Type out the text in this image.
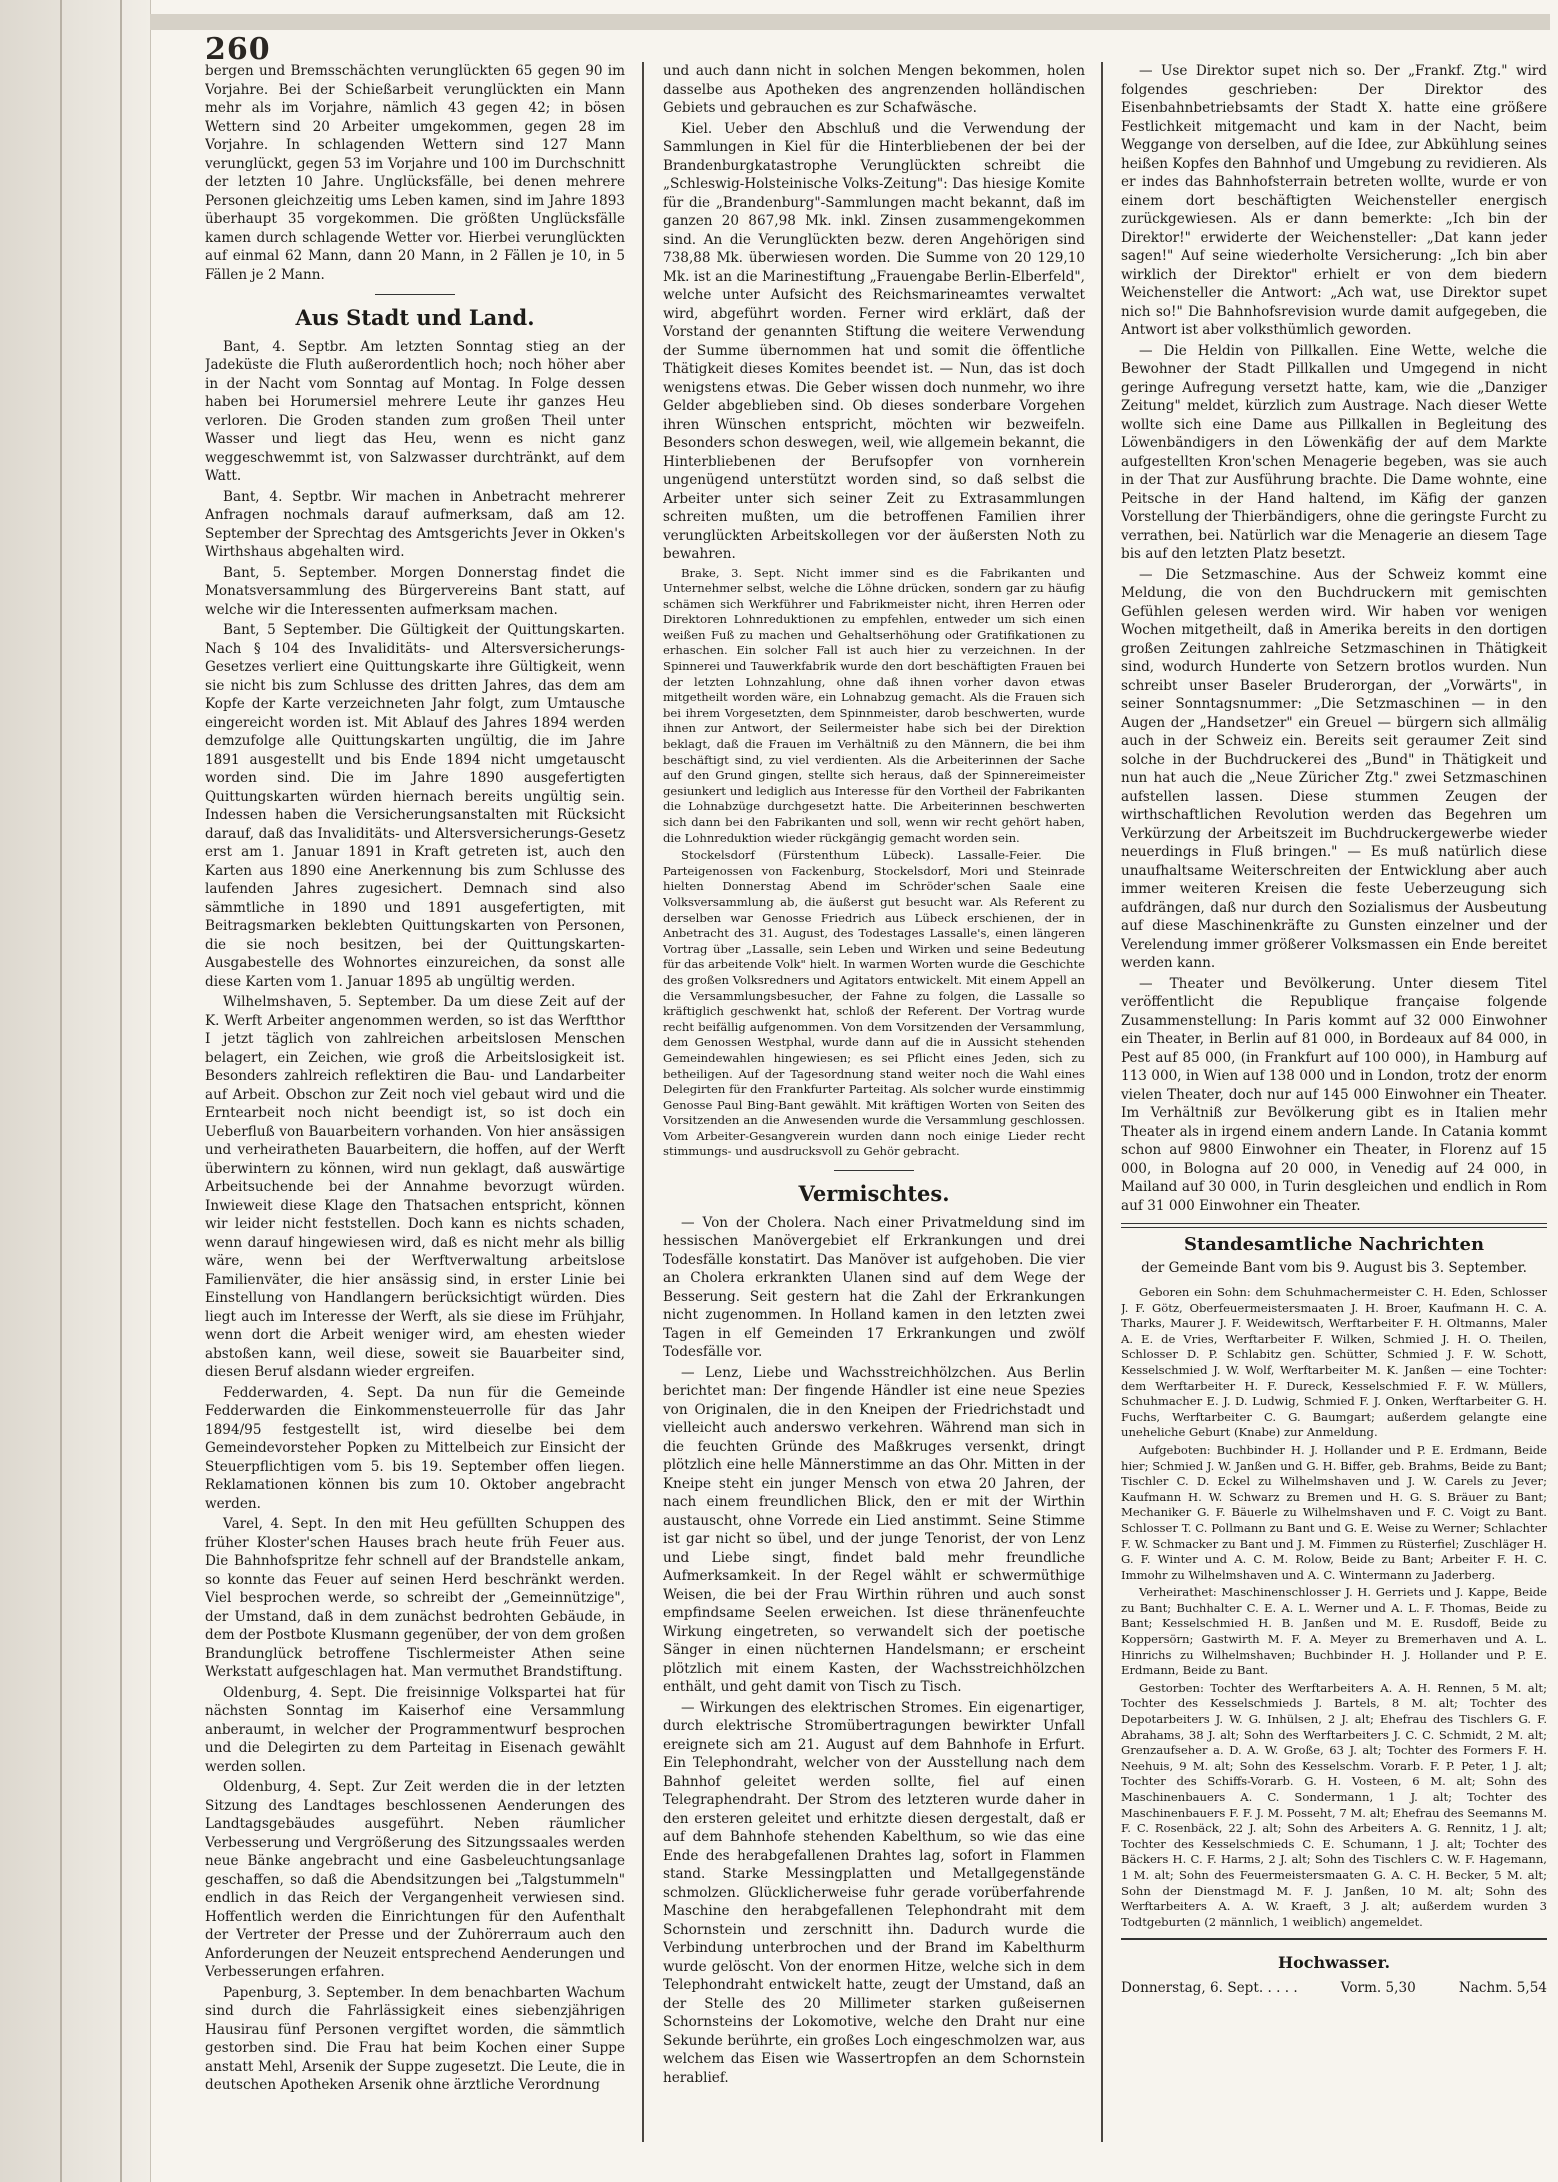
260

bergen und Bremsschächten verunglückten 65 gegen 90 im Vorjahre. Bei der Schießarbeit verunglückten ein Mann mehr als im Vorjahre, nämlich 43 gegen 42; in bösen Wettern sind 20 Arbeiter umgekommen, gegen 28 im Vorjahre. In schlagenden Wettern sind 127 Mann verunglückt, gegen 53 im Vorjahre und 100 im Durchschnitt der letzten 10 Jahre. Unglücksfälle, bei denen mehrere Personen gleichzeitig ums Leben kamen, sind im Jahre 1893 überhaupt 35 vorgekommen. Die größten Unglücksfälle kamen durch schlagende Wetter vor. Hierbei verunglückten auf einmal 62 Mann, dann 20 Mann, in 2 Fällen je 10, in 5 Fällen je 2 Mann.

Aus Stadt und Land.

Bant, 4. Septbr. Am letzten Sonntag stieg an der Jadeküste die Fluth außerordentlich hoch; noch höher aber in der Nacht vom Sonntag auf Montag. In Folge dessen haben bei Horumersiel mehrere Leute ihr ganzes Heu verloren. Die Groden standen zum großen Theil unter Wasser und liegt das Heu, wenn es nicht ganz weggeschwemmt ist, von Salzwasser durchtränkt, auf dem Watt.

Bant, 4. Septbr. Wir machen in Anbetracht mehrerer Anfragen nochmals darauf aufmerksam, daß am 12. September der Sprechtag des Amtsgerichts Jever in Okken's Wirthshaus abgehalten wird.

Bant, 5. September. Morgen Donnerstag findet die Monatsversammlung des Bürgervereins Bant statt, auf welche wir die Interessenten aufmerksam machen.

Bant, 5 September. Die Gültigkeit der Quittungskarten. Nach § 104 des Invaliditäts- und Altersversicherungs-Gesetzes verliert eine Quittungskarte ihre Gültigkeit, wenn sie nicht bis zum Schlusse des dritten Jahres, das dem am Kopfe der Karte verzeichneten Jahr folgt, zum Umtausche eingereicht worden ist. Mit Ablauf des Jahres 1894 werden demzufolge alle Quittungskarten ungültig, die im Jahre 1891 ausgestellt und bis Ende 1894 nicht umgetauscht worden sind. Die im Jahre 1890 ausgefertigten Quittungskarten würden hiernach bereits ungültig sein. Indessen haben die Versicherungsanstalten mit Rücksicht darauf, daß das Invaliditäts- und Altersversicherungs-Gesetz erst am 1. Januar 1891 in Kraft getreten ist, auch den Karten aus 1890 eine Anerkennung bis zum Schlusse des laufenden Jahres zugesichert. Demnach sind also sämmtliche in 1890 und 1891 ausgefertigten, mit Beitragsmarken beklebten Quittungskarten von Personen, die sie noch besitzen, bei der Quittungskarten-Ausgabestelle des Wohnortes einzureichen, da sonst alle diese Karten vom 1. Januar 1895 ab ungültig werden.

Wilhelmshaven, 5. September. Da um diese Zeit auf der K. Werft Arbeiter angenommen werden, so ist das Werftthor I jetzt täglich von zahlreichen arbeitslosen Menschen belagert, ein Zeichen, wie groß die Arbeitslosigkeit ist. Besonders zahlreich reflektiren die Bau- und Landarbeiter auf Arbeit. Obschon zur Zeit noch viel gebaut wird und die Erntearbeit noch nicht beendigt ist, so ist doch ein Ueberfluß von Bauarbeitern vorhanden. Von hier ansässigen und verheiratheten Bauarbeitern, die hoffen, auf der Werft überwintern zu können, wird nun geklagt, daß auswärtige Arbeitsuchende bei der Annahme bevorzugt würden. Inwieweit diese Klage den Thatsachen entspricht, können wir leider nicht feststellen. Doch kann es nichts schaden, wenn darauf hingewiesen wird, daß es nicht mehr als billig wäre, wenn bei der Werftverwaltung arbeitslose Familienväter, die hier ansässig sind, in erster Linie bei Einstellung von Handlangern berücksichtigt würden. Dies liegt auch im Interesse der Werft, als sie diese im Frühjahr, wenn dort die Arbeit weniger wird, am ehesten wieder abstoßen kann, weil diese, soweit sie Bauarbeiter sind, diesen Beruf alsdann wieder ergreifen.

Fedderwarden, 4. Sept. Da nun für die Gemeinde Fedderwarden die Einkommensteuerrolle für das Jahr 1894/95 festgestellt ist, wird dieselbe bei dem Gemeindevorsteher Popken zu Mittelbeich zur Einsicht der Steuerpflichtigen vom 5. bis 19. September offen liegen. Reklamationen können bis zum 10. Oktober angebracht werden.

Varel, 4. Sept. In den mit Heu gefüllten Schuppen des früher Kloster'schen Hauses brach heute früh Feuer aus. Die Bahnhofspritze fehr schnell auf der Brandstelle ankam, so konnte das Feuer auf seinen Herd beschränkt werden. Viel besprochen werde, so schreibt der „Gemeinnützige", der Umstand, daß in dem zunächst bedrohten Gebäude, in dem der Postbote Klusmann gegenüber, der von dem großen Brandunglück betroffene Tischlermeister Athen seine Werkstatt aufgeschlagen hat. Man vermuthet Brandstiftung.

Oldenburg, 4. Sept. Die freisinnige Volkspartei hat für nächsten Sonntag im Kaiserhof eine Versammlung anberaumt, in welcher der Programmentwurf besprochen und die Delegirten zu dem Parteitag in Eisenach gewählt werden sollen.

Oldenburg, 4. Sept. Zur Zeit werden die in der letzten Sitzung des Landtages beschlossenen Aenderungen des Landtagsgebäudes ausgeführt. Neben räumlicher Verbesserung und Vergrößerung des Sitzungssaales werden neue Bänke angebracht und eine Gasbeleuchtungsanlage geschaffen, so daß die Abendsitzungen bei „Talgstummeln" endlich in das Reich der Vergangenheit verwiesen sind. Hoffentlich werden die Einrichtungen für den Aufenthalt der Vertreter der Presse und der Zuhörerraum auch den Anforderungen der Neuzeit entsprechend Aenderungen und Verbesserungen erfahren.

Papenburg, 3. September. In dem benachbarten Wachum sind durch die Fahrlässigkeit eines siebenzjährigen Hausirau fünf Personen vergiftet worden, die sämmtlich gestorben sind. Die Frau hat beim Kochen einer Suppe anstatt Mehl, Arsenik der Suppe zugesetzt. Die Leute, die in deutschen Apotheken Arsenik ohne ärztliche Verordnung

und auch dann nicht in solchen Mengen bekommen, holen dasselbe aus Apotheken des angrenzenden holländischen Gebiets und gebrauchen es zur Schafwäsche.

Kiel. Ueber den Abschluß und die Verwendung der Sammlungen in Kiel für die Hinterbliebenen der bei der Brandenburgkatastrophe Verunglückten schreibt die „Schleswig-Holsteinische Volks-Zeitung": Das hiesige Komite für die „Brandenburg"-Sammlungen macht bekannt, daß im ganzen 20 867,98 Mk. inkl. Zinsen zusammengekommen sind. An die Verunglückten bezw. deren Angehörigen sind 738,88 Mk. überwiesen worden. Die Summe von 20 129,10 Mk. ist an die Marinestiftung „Frauengabe Berlin-Elberfeld", welche unter Aufsicht des Reichsmarineamtes verwaltet wird, abgeführt worden. Ferner wird erklärt, daß der Vorstand der genannten Stiftung die weitere Verwendung der Summe übernommen hat und somit die öffentliche Thätigkeit dieses Komites beendet ist. — Nun, das ist doch wenigstens etwas. Die Geber wissen doch nunmehr, wo ihre Gelder abgeblieben sind. Ob dieses sonderbare Vorgehen ihren Wünschen entspricht, möchten wir bezweifeln. Besonders schon deswegen, weil, wie allgemein bekannt, die Hinterbliebenen der Berufsopfer von vornherein ungenügend unterstützt worden sind, so daß selbst die Arbeiter unter sich seiner Zeit zu Extrasammlungen schreiten mußten, um die betroffenen Familien ihrer verunglückten Arbeitskollegen vor der äußersten Noth zu bewahren.

Brake, 3. Sept. Nicht immer sind es die Fabrikanten und Unternehmer selbst, welche die Löhne drücken, sondern gar zu häufig schämen sich Werkführer und Fabrikmeister nicht, ihren Herren oder Direktoren Lohnreduktionen zu empfehlen, entweder um sich einen weißen Fuß zu machen und Gehaltserhöhung oder Gratifikationen zu erhaschen. Ein solcher Fall ist auch hier zu verzeichnen. In der Spinnerei und Tauwerkfabrik wurde den dort beschäftigten Frauen bei der letzten Lohnzahlung, ohne daß ihnen vorher davon etwas mitgetheilt worden wäre, ein Lohnabzug gemacht. Als die Frauen sich bei ihrem Vorgesetzten, dem Spinnmeister, darob beschwerten, wurde ihnen zur Antwort, der Seilermeister habe sich bei der Direktion beklagt, daß die Frauen im Verhältniß zu den Männern, die bei ihm beschäftigt sind, zu viel verdienten. Als die Arbeiterinnen der Sache auf den Grund gingen, stellte sich heraus, daß der Spinnereimeister gesiunkert und lediglich aus Interesse für den Vortheil der Fabrikanten die Lohnabzüge durchgesetzt hatte. Die Arbeiterinnen beschwerten sich dann bei den Fabrikanten und soll, wenn wir recht gehört haben, die Lohnreduktion wieder rückgängig gemacht worden sein.

Stockelsdorf (Fürstenthum Lübeck). Lassalle-Feier. Die Parteigenossen von Fackenburg, Stockelsdorf, Mori und Steinrade hielten Donnerstag Abend im Schröder'schen Saale eine Volksversammlung ab, die äußerst gut besucht war. Als Referent zu derselben war Genosse Friedrich aus Lübeck erschienen, der in Anbetracht des 31. August, des Todestages Lassalle's, einen längeren Vortrag über „Lassalle, sein Leben und Wirken und seine Bedeutung für das arbeitende Volk" hielt. In warmen Worten wurde die Geschichte des großen Volksredners und Agitators entwickelt. Mit einem Appell an die Versammlungsbesucher, der Fahne zu folgen, die Lassalle so kräftiglich geschwenkt hat, schloß der Referent. Der Vortrag wurde recht beifällig aufgenommen. Von dem Vorsitzenden der Versammlung, dem Genossen Westphal, wurde dann auf die in Aussicht stehenden Gemeindewahlen hingewiesen; es sei Pflicht eines Jeden, sich zu betheiligen. Auf der Tagesordnung stand weiter noch die Wahl eines Delegirten für den Frankfurter Parteitag. Als solcher wurde einstimmig Genosse Paul Bing-Bant gewählt. Mit kräftigen Worten von Seiten des Vorsitzenden an die Anwesenden wurde die Versammlung geschlossen. Vom Arbeiter-Gesangverein wurden dann noch einige Lieder recht stimmungs- und ausdrucksvoll zu Gehör gebracht.

Vermischtes.

— Von der Cholera. Nach einer Privatmeldung sind im hessischen Manövergebiet elf Erkrankungen und drei Todesfälle konstatirt. Das Manöver ist aufgehoben. Die vier an Cholera erkrankten Ulanen sind auf dem Wege der Besserung. Seit gestern hat die Zahl der Erkrankungen nicht zugenommen. In Holland kamen in den letzten zwei Tagen in elf Gemeinden 17 Erkrankungen und zwölf Todesfälle vor.

— Lenz, Liebe und Wachsstreichhölzchen. Aus Berlin berichtet man: Der fingende Händler ist eine neue Spezies von Originalen, die in den Kneipen der Friedrichstadt und vielleicht auch anderswo verkehren. Während man sich in die feuchten Gründe des Maßkruges versenkt, dringt plötzlich eine helle Männerstimme an das Ohr. Mitten in der Kneipe steht ein junger Mensch von etwa 20 Jahren, der nach einem freundlichen Blick, den er mit der Wirthin austauscht, ohne Vorrede ein Lied anstimmt. Seine Stimme ist gar nicht so übel, und der junge Tenorist, der von Lenz und Liebe singt, findet bald mehr freundliche Aufmerksamkeit. In der Regel wählt er schwermüthige Weisen, die bei der Frau Wirthin rühren und auch sonst empfindsame Seelen erweichen. Ist diese thränenfeuchte Wirkung eingetreten, so verwandelt sich der poetische Sänger in einen nüchternen Handelsmann; er erscheint plötzlich mit einem Kasten, der Wachsstreichhölzchen enthält, und geht damit von Tisch zu Tisch.

— Wirkungen des elektrischen Stromes. Ein eigenartiger, durch elektrische Stromübertragungen bewirkter Unfall ereignete sich am 21. August auf dem Bahnhofe in Erfurt. Ein Telephondraht, welcher von der Ausstellung nach dem Bahnhof geleitet werden sollte, fiel auf einen Telegraphendraht. Der Strom des letzteren wurde daher in den ersteren geleitet und erhitzte diesen dergestalt, daß er auf dem Bahnhofe stehenden Kabelthum, so wie das eine Ende des herabgefallenen Drahtes lag, sofort in Flammen stand. Starke Messingplatten und Metallgegenstände schmolzen. Glücklicherweise fuhr gerade vorüberfahrende Maschine den herabgefallenen Telephondraht mit dem Schornstein und zerschnitt ihn. Dadurch wurde die Verbindung unterbrochen und der Brand im Kabelthurm wurde gelöscht. Von der enormen Hitze, welche sich in dem Telephondraht entwickelt hatte, zeugt der Umstand, daß an der Stelle des 20 Millimeter starken gußeisernen Schornsteins der Lokomotive, welche den Draht nur eine Sekunde berührte, ein großes Loch eingeschmolzen war, aus welchem das Eisen wie Wassertropfen an dem Schornstein herablief.

— Use Direktor supet nich so. Der „Frankf. Ztg." wird folgendes geschrieben: Der Direktor des Eisenbahnbetriebsamts der Stadt X. hatte eine größere Festlichkeit mitgemacht und kam in der Nacht, beim Weggange von derselben, auf die Idee, zur Abkühlung seines heißen Kopfes den Bahnhof und Umgebung zu revidieren. Als er indes das Bahnhofsterrain betreten wollte, wurde er von einem dort beschäftigten Weichensteller energisch zurückgewiesen. Als er dann bemerkte: „Ich bin der Direktor!" erwiderte der Weichensteller: „Dat kann jeder sagen!" Auf seine wiederholte Versicherung: „Ich bin aber wirklich der Direktor" erhielt er von dem biedern Weichensteller die Antwort: „Ach wat, use Direktor supet nich so!" Die Bahnhofsrevision wurde damit aufgegeben, die Antwort ist aber volksthümlich geworden.

— Die Heldin von Pillkallen. Eine Wette, welche die Bewohner der Stadt Pillkallen und Umgegend in nicht geringe Aufregung versetzt hatte, kam, wie die „Danziger Zeitung" meldet, kürzlich zum Austrage. Nach dieser Wette wollte sich eine Dame aus Pillkallen in Begleitung des Löwenbändigers in den Löwenkäfig der auf dem Markte aufgestellten Kron'schen Menagerie begeben, was sie auch in der That zur Ausführung brachte. Die Dame wohnte, eine Peitsche in der Hand haltend, im Käfig der ganzen Vorstellung der Thierbändigers, ohne die geringste Furcht zu verrathen, bei. Natürlich war die Menagerie an diesem Tage bis auf den letzten Platz besetzt.

— Die Setzmaschine. Aus der Schweiz kommt eine Meldung, die von den Buchdruckern mit gemischten Gefühlen gelesen werden wird. Wir haben vor wenigen Wochen mitgetheilt, daß in Amerika bereits in den dortigen großen Zeitungen zahlreiche Setzmaschinen in Thätigkeit sind, wodurch Hunderte von Setzern brotlos wurden. Nun schreibt unser Baseler Bruderorgan, der „Vorwärts", in seiner Sonntagsnummer: „Die Setzmaschinen — in den Augen der „Handsetzer" ein Greuel — bürgern sich allmälig auch in der Schweiz ein. Bereits seit geraumer Zeit sind solche in der Buchdruckerei des „Bund" in Thätigkeit und nun hat auch die „Neue Züricher Ztg." zwei Setzmaschinen aufstellen lassen. Diese stummen Zeugen der wirthschaftlichen Revolution werden das Begehren um Verkürzung der Arbeitszeit im Buchdruckergewerbe wieder neuerdings in Fluß bringen." — Es muß natürlich diese unaufhaltsame Weiterschreiten der Entwicklung aber auch immer weiteren Kreisen die feste Ueberzeugung sich aufdrängen, daß nur durch den Sozialismus der Ausbeutung auf diese Maschinenkräfte zu Gunsten einzelner und der Verelendung immer größerer Volksmassen ein Ende bereitet werden kann.

— Theater und Bevölkerung. Unter diesem Titel veröffentlicht die Republique française folgende Zusammenstellung: In Paris kommt auf 32 000 Einwohner ein Theater, in Berlin auf 81 000, in Bordeaux auf 84 000, in Pest auf 85 000, (in Frankfurt auf 100 000), in Hamburg auf 113 000, in Wien auf 138 000 und in London, trotz der enorm vielen Theater, doch nur auf 145 000 Einwohner ein Theater. Im Verhältniß zur Bevölkerung gibt es in Italien mehr Theater als in irgend einem andern Lande. In Catania kommt schon auf 9800 Einwohner ein Theater, in Florenz auf 15 000, in Bologna auf 20 000, in Venedig auf 24 000, in Mailand auf 30 000, in Turin desgleichen und endlich in Rom auf 31 000 Einwohner ein Theater.

Standesamtliche Nachrichten
der Gemeinde Bant vom bis 9. August bis 3. September.

Geboren ein Sohn: dem Schuhmachermeister C. H. Eden, Schlosser J. F. Götz, Oberfeuermeistersmaaten J. H. Broer, Kaufmann H. C. A. Tharks, Maurer J. F. Weidewitsch, Werftarbeiter F. H. Oltmanns, Maler A. E. de Vries, Werftarbeiter F. Wilken, Schmied J. H. O. Theilen, Schlosser D. P. Schlabitz gen. Schütter, Schmied J. F. W. Schott, Kesselschmied J. W. Wolf, Werftarbeiter M. K. Janßen — eine Tochter: dem Werftarbeiter H. F. Dureck, Kesselschmied F. F. W. Müllers, Schuhmacher E. J. D. Ludwig, Schmied F. J. Onken, Werftarbeiter G. H. Fuchs, Werftarbeiter C. G. Baumgart; außerdem gelangte eine uneheliche Geburt (Knabe) zur Anmeldung.

Aufgeboten: Buchbinder H. J. Hollander und P. E. Erdmann, Beide hier; Schmied J. W. Janßen und G. H. Biffer, geb. Brahms, Beide zu Bant; Tischler C. D. Eckel zu Wilhelmshaven und J. W. Carels zu Jever; Kaufmann H. W. Schwarz zu Bremen und H. G. S. Bräuer zu Bant; Mechaniker G. F. Bäuerle zu Wilhelmshaven und F. C. Voigt zu Bant. Schlosser T. C. Pollmann zu Bant und G. E. Weise zu Werner; Schlachter F. W. Schmacker zu Bant und J. M. Fimmen zu Rüsterfiel; Zuschläger H. G. F. Winter und A. C. M. Rolow, Beide zu Bant; Arbeiter F. H. C. Immohr zu Wilhelmshaven und A. C. Wintermann zu Jaderberg.

Verheirathet: Maschinenschlosser J. H. Gerriets und J. Kappe, Beide zu Bant; Buchhalter C. E. A. L. Werner und A. L. F. Thomas, Beide zu Bant; Kesselschmied H. B. Janßen und M. E. Rusdoff, Beide zu Koppersörn; Gastwirth M. F. A. Meyer zu Bremerhaven und A. L. Hinrichs zu Wilhelmshaven; Buchbinder H. J. Hollander und P. E. Erdmann, Beide zu Bant.

Gestorben: Tochter des Werftarbeiters A. A. H. Rennen, 5 M. alt; Tochter des Kesselschmieds J. Bartels, 8 M. alt; Tochter des Depotarbeiters J. W. G. Inhülsen, 2 J. alt; Ehefrau des Tischlers G. F. Abrahams, 38 J. alt; Sohn des Werftarbeiters J. C. C. Schmidt, 2 M. alt; Grenzaufseher a. D. A. W. Große, 63 J. alt; Tochter des Formers F. H. Neehuis, 9 M. alt; Sohn des Kesselschm. Vorarb. F. P. Peter, 1 J. alt; Tochter des Schiffs-Vorarb. G. H. Vosteen, 6 M. alt; Sohn des Maschinenbauers A. C. Sondermann, 1 J. alt; Tochter des Maschinenbauers F. F. J. M. Posseht, 7 M. alt; Ehefrau des Seemanns M. F. C. Rosenbäck, 22 J. alt; Sohn des Arbeiters A. G. Rennitz, 1 J. alt; Tochter des Kesselschmieds C. E. Schumann, 1 J. alt; Tochter des Bäckers H. C. F. Harms, 2 J. alt; Sohn des Tischlers C. W. F. Hagemann, 1 M. alt; Sohn des Feuermeistersmaaten G. A. C. H. Becker, 5 M. alt; Sohn der Dienstmagd M. F. J. Janßen, 10 M. alt; Sohn des Werftarbeiters A. A. W. Kraeft, 3 J. alt; außerdem wurden 3 Todtgeburten (2 männlich, 1 weiblich) angemeldet.

Hochwasser.
Donnerstag, 6. Sept. . . . .	Vorm. 5,30	Nachm. 5,54
